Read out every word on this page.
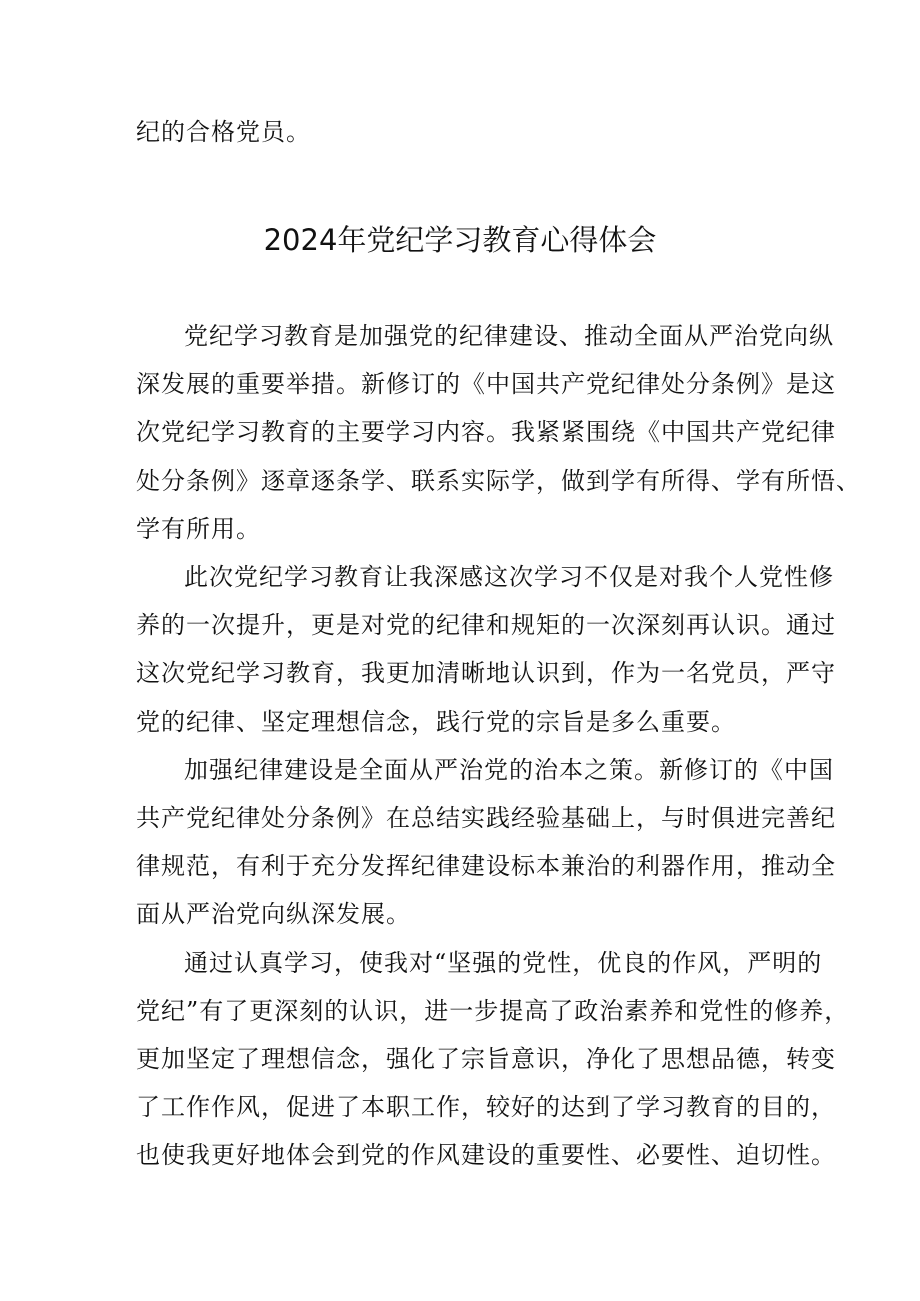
纪的合格党员。

2024年党纪学习教育心得体会

党纪学习教育是加强党的纪律建设、推动全面从严治党向纵
深发展的重要举措。新修订的《中国共产党纪律处分条例》是这
次党纪学习教育的主要学习内容。我紧紧围绕《中国共产党纪律
处分条例》逐章逐条学、联系实际学，做到学有所得、学有所悟、
学有所用。

此次党纪学习教育让我深感这次学习不仅是对我个人党性修
养的一次提升，更是对党的纪律和规矩的一次深刻再认识。通过
这次党纪学习教育，我更加清晰地认识到，作为一名党员，严守
党的纪律、坚定理想信念，践行党的宗旨是多么重要。

加强纪律建设是全面从严治党的治本之策。新修订的《中国
共产党纪律处分条例》在总结实践经验基础上，与时俱进完善纪
律规范，有利于充分发挥纪律建设标本兼治的利器作用，推动全
面从严治党向纵深发展。

通过认真学习，使我对“坚强的党性，优良的作风，严明的
党纪”有了更深刻的认识，进一步提高了政治素养和党性的修养，
更加坚定了理想信念，强化了宗旨意识，净化了思想品德，转变
了工作作风，促进了本职工作，较好的达到了学习教育的目的，
也使我更好地体会到党的作风建设的重要性、必要性、迫切性。
